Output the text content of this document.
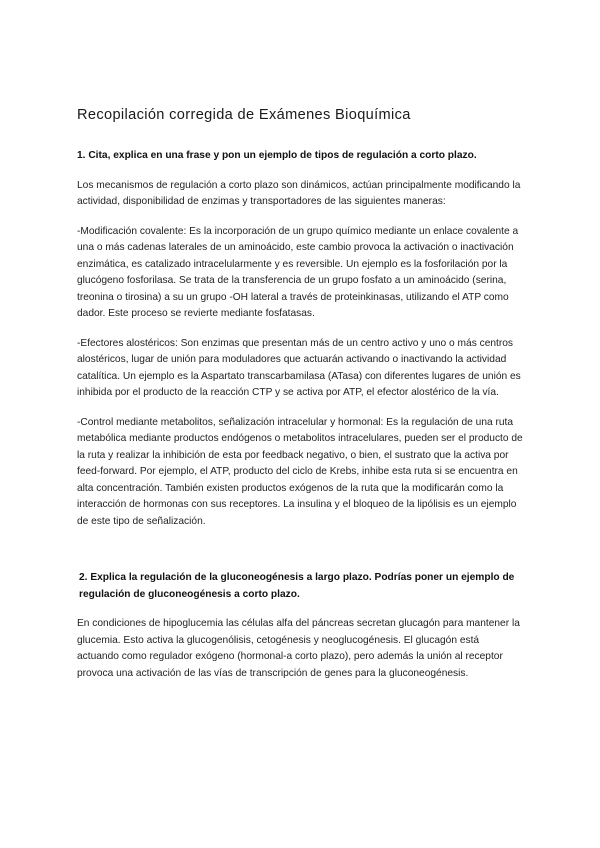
Recopilación corregida de Exámenes Bioquímica

1. Cita, explica en una frase y pon un ejemplo de tipos de regulación a corto plazo.

Los mecanismos de regulación a corto plazo son dinámicos, actúan principalmente modificando la actividad, disponibilidad de enzimas y transportadores de las siguientes maneras:

-Modificación covalente: Es la incorporación de un grupo químico mediante un enlace covalente a una o más cadenas laterales de un aminoácido, este cambio provoca la activación o inactivación enzimática, es catalizado intracelularmente y es reversible. Un ejemplo es la fosforilación por la glucógeno fosforilasa. Se trata de la transferencia de un grupo fosfato a un aminoácido (serina, treonina o tirosina) a su un grupo -OH lateral a través de proteinkinasas, utilizando el ATP como dador. Este proceso se revierte mediante fosfatasas.

-Efectores alostéricos: Son enzimas que presentan más de un centro activo y uno o más centros alostéricos, lugar de unión para moduladores que actuarán activando o inactivando la actividad catalítica. Un ejemplo es la Aspartato transcarbamilasa (ATasa) con diferentes lugares de unión es inhibida por el producto de la reacción CTP y se activa por ATP, el efector alostérico de la vía.

-Control mediante metabolitos, señalización intracelular y hormonal: Es la regulación de una ruta metabólica mediante productos endógenos o metabolitos intracelulares, pueden ser el producto de la ruta y realizar la inhibición de esta por feedback negativo, o bien, el sustrato que la activa por feed-forward. Por ejemplo, el ATP, producto del ciclo de Krebs, inhibe esta ruta si se encuentra en alta concentración. También existen productos exógenos de la ruta que la modificarán como la interacción de hormonas con sus receptores. La insulina y el bloqueo de la lipólisis es un ejemplo de este tipo de señalización.

2. Explica la regulación de la gluconeogénesis a largo plazo. Podrías poner un ejemplo de regulación de gluconeogénesis a corto plazo.

En condiciones de hipoglucemia las células alfa del páncreas secretan glucagón para mantener la glucemia. Esto activa la glucogenólisis, cetogénesis y neoglucogénesis. El glucagón está actuando como regulador exógeno (hormonal-a corto plazo), pero además la unión al receptor provoca una activación de las vías de transcripción de genes para la gluconeogénesis.
